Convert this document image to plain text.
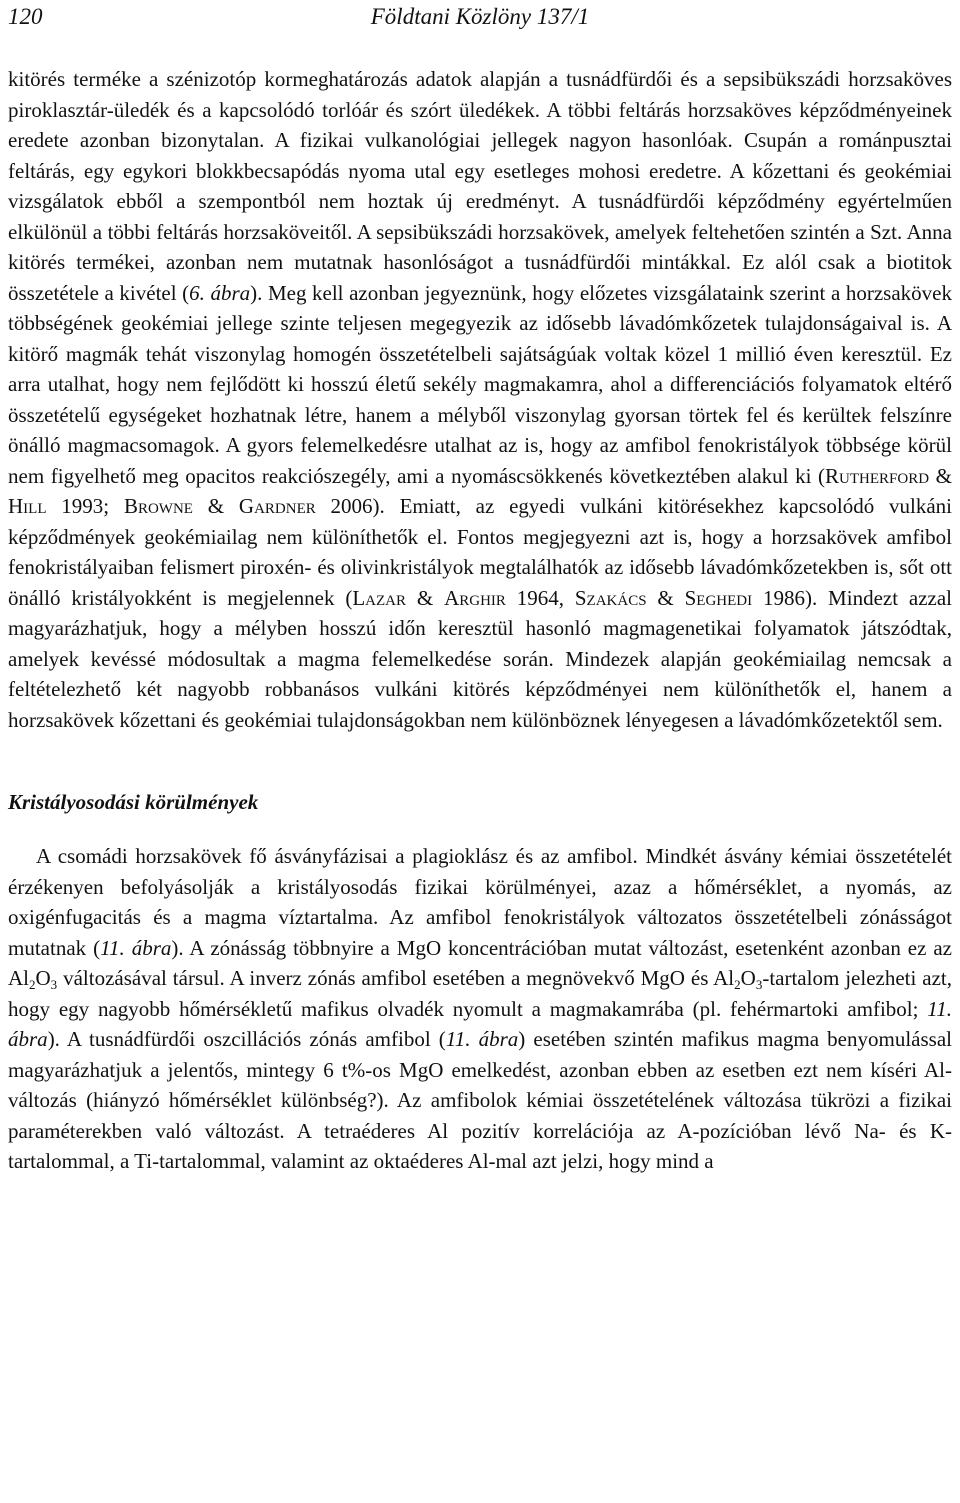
120	Földtani Közlöny 137/1

kitörés terméke a szénizotóp kormeghatározás adatok alapján a tusnádfürdői és a sepsibükszádi horzsaköves piroklasztár-üledék és a kapcsolódó torlóár és szórt üledékek. A többi feltárás horzsaköves képződményeinek eredete azonban bizonytalan. A fizikai vulkanológiai jellegek nagyon hasonlóak. Csupán a románpusztai feltárás, egy egykori blokkbecsapódás nyoma utal egy esetleges mohosi eredetre. A kőzettani és geokémiai vizsgálatok ebből a szempontból nem hoztak új eredményt. A tusnádfürdői képződmény egyértelműen elkülönül a többi feltárás horzsaköveitől. A sepsibükszádi horzsakövek, amelyek feltehetően szintén a Szt. Anna kitörés termékei, azonban nem mutatnak hasonlóságot a tusnádfürdői mintákkal. Ez alól csak a biotitok összetétele a kivétel (6. ábra). Meg kell azonban jegyeznünk, hogy előzetes vizsgálataink szerint a horzsakövek többségének geokémiai jellege szinte teljesen megegyezik az idősebb lávadómkőzetek tulajdonságaival is. A kitörő magmák tehát viszonylag homogén összetételbeli sajátságúak voltak közel 1 millió éven keresztül. Ez arra utalhat, hogy nem fejlődött ki hosszú életű sekély magmakamra, ahol a differenciációs folyamatok eltérő összetételű egységeket hozhatnak létre, hanem a mélyből viszonylag gyorsan törtek fel és kerültek felszínre önálló magmacsomagok. A gyors felemelkedésre utalhat az is, hogy az amfibol fenokristályok többsége körül nem figyelhető meg opacitos reakciószegély, ami a nyomáscsökkenés következtében alakul ki (Rutherford & Hill 1993; Browne & Gardner 2006). Emiatt, az egyedi vulkáni kitörésekhez kapcsolódó vulkáni képződmények geokémiailag nem különíthetők el. Fontos megjegyezni azt is, hogy a horzsakövek amfibol fenokristályaiban felismert piroxén- és olivinkristályok megtalálhatók az idősebb lávadómkőzetekben is, sőt ott önálló kristályokként is megjelennek (Lazar & Arghir 1964, Szakács & Seghedi 1986). Mindezt azzal magyarázhatjuk, hogy a mélyben hosszú időn keresztül hasonló magmagenetikai folyamatok játszódtak, amelyek kevéssé módosultak a magma felemelkedése során. Mindezek alapján geokémiailag nemcsak a feltételezhető két nagyobb robbanásos vulkáni kitörés képződményei nem különíthetők el, hanem a horzsakövek kőzettani és geokémiai tulajdonságokban nem különböznek lényegesen a lávadómkőzetektől sem.

Kristályosodási körülmények

A csomádi horzsakövek fő ásványfázisai a plagioklász és az amfibol. Mindkét ásvány kémiai összetételét érzékenyen befolyásolják a kristályosodás fizikai körülményei, azaz a hőmérséklet, a nyomás, az oxigénfugacitás és a magma víztartalma. Az amfibol fenokristályok változatos összetételbeli zónásságot mutatnak (11. ábra). A zónásság többnyire a MgO koncentrációban mutat változást, esetenként azonban ez az $Al_2O_3$ változásával társul. A inverz zónás amfibol esetében a megnövekvő MgO és $Al_2O_3$-tartalom jelezheti azt, hogy egy nagyobb hőmérsékletű mafikus olvadék nyomult a magmakamrába (pl. fehérmartoki amfibol; 11. ábra). A tusnádfürdői oszcillációs zónás amfibol (11. ábra) esetében szintén mafikus magma benyomulással magyarázhatjuk a jelentős, mintegy 6 t%-os MgO emelkedést, azonban ebben az esetben ezt nem kíséri Al-változás (hiányzó hőmérséklet különbség?). Az amfibolok kémiai összetételének változása tükrözi a fizikai paraméterekben való változást. A tetraéderes Al pozitív korrelációja az A-pozícióban lévő Na- és K-tartalommal, a Ti-tartalommal, valamint az oktaéderes Al-mal azt jelzi, hogy mind a
